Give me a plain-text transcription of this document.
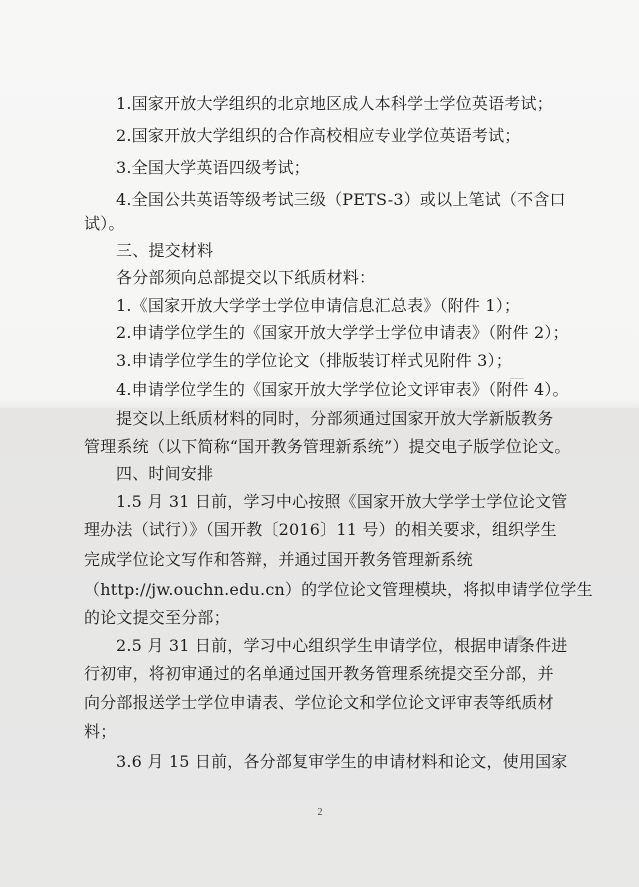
1.国家开放大学组织的北京地区成人本科学士学位英语考试；
2.国家开放大学组织的合作高校相应专业学位英语考试；
3.全国大学英语四级考试；
4.全国公共英语等级考试三级（PETS-3）或以上笔试（不含口
试）。
三、提交材料
各分部须向总部提交以下纸质材料：
1.《国家开放大学学士学位申请信息汇总表》（附件 1）；
2.申请学位学生的《国家开放大学学士学位申请表》（附件 2）；
3.申请学位学生的学位论文（排版装订样式见附件 3）；
4.申请学位学生的《国家开放大学学位论文评审表》（附件 4）。
提交以上纸质材料的同时，分部须通过国家开放大学新版教务
管理系统（以下简称“国开教务管理新系统”）提交电子版学位论文。
四、时间安排
1.5 月 31 日前，学习中心按照《国家开放大学学士学位论文管
理办法（试行）》（国开教〔2016〕11 号）的相关要求，组织学生
完成学位论文写作和答辩，并通过国开教务管理新系统
（http://jw.ouchn.edu.cn）的学位论文管理模块，将拟申请学位学生
的论文提交至分部；
2.5 月 31 日前，学习中心组织学生申请学位，根据申请条件进
行初审，将初审通过的名单通过国开教务管理系统提交至分部，并
向分部报送学士学位申请表、学位论文和学位论文评审表等纸质材
料；
3.6 月 15 日前，各分部复审学生的申请材料和论文，使用国家
2
